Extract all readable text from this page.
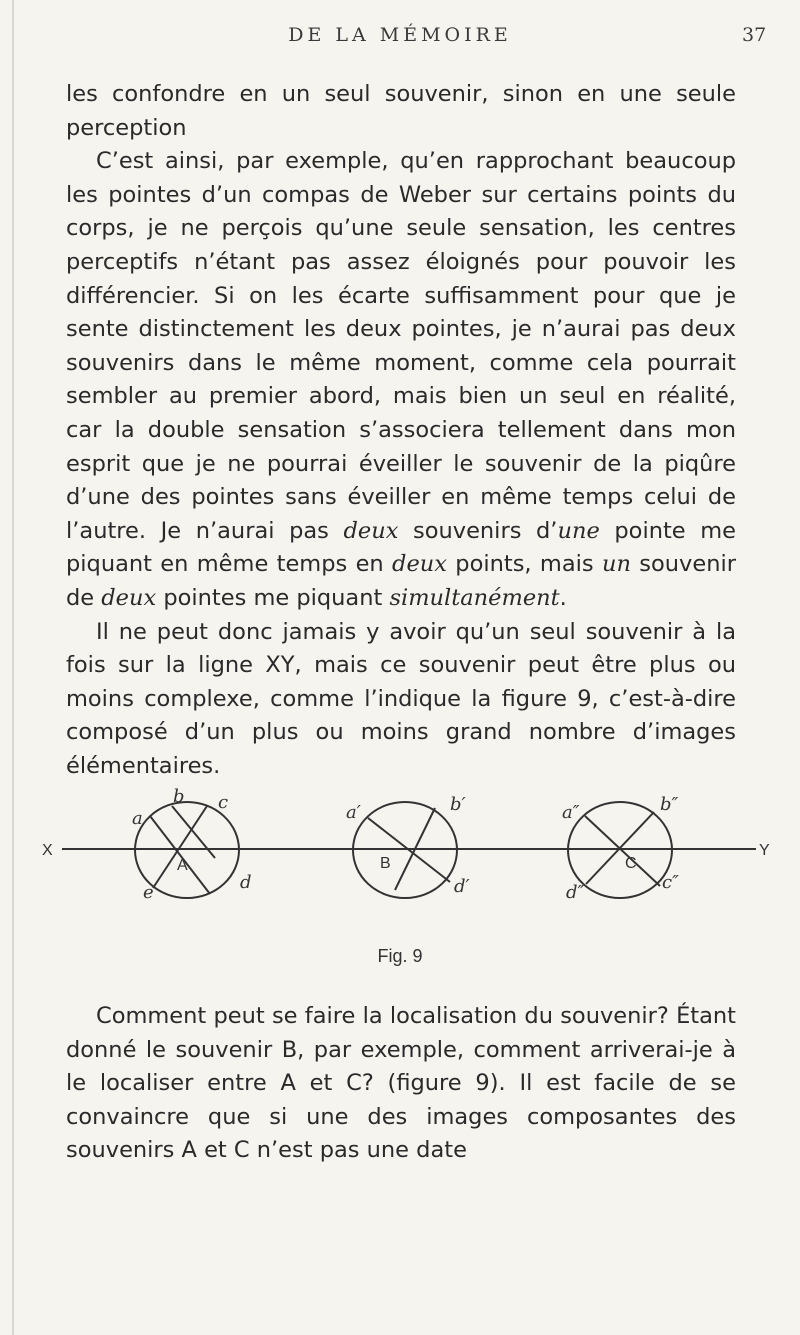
DE LA MÉMOIRE	37

les confondre en un seul souvenir, sinon en une seule perception

C’est ainsi, par exemple, qu’en rapprochant beaucoup les pointes d’un compas de Weber sur certains points du corps, je ne perçois qu’une seule sensation, les centres perceptifs n’étant pas assez éloignés pour pouvoir les différencier. Si on les écarte suffisamment pour que je sente distinctement les deux pointes, je n’aurai pas deux souvenirs dans le même moment, comme cela pourrait sembler au premier abord, mais bien un seul en réalité, car la double sensation s’associera tellement dans mon esprit que je ne pourrai éveiller le souvenir de la piqûre d’une des pointes sans éveiller en même temps celui de l’autre. Je n’aurai pas deux souvenirs d’une pointe me piquant en même temps en deux points, mais un souvenir de deux pointes me piquant simultanément.

Il ne peut donc jamais y avoir qu’un seul souvenir à la fois sur la ligne XY, mais ce souvenir peut être plus ou moins complexe, comme l’indique la figure 9, c’est-à-dire composé d’un plus ou moins grand nombre d’images élémentaires.

X	Y
A
a
b c
e	d
B
a′	b′
d′
C
a″	b″
d″	c″
Fig. 9

Comment peut se faire la localisation du souvenir? Étant donné le souvenir B, par exemple, comment arriverai-je à le localiser entre A et C? (figure 9). Il est facile de se convaincre que si une des images composantes des souvenirs A et C n’est pas une date
